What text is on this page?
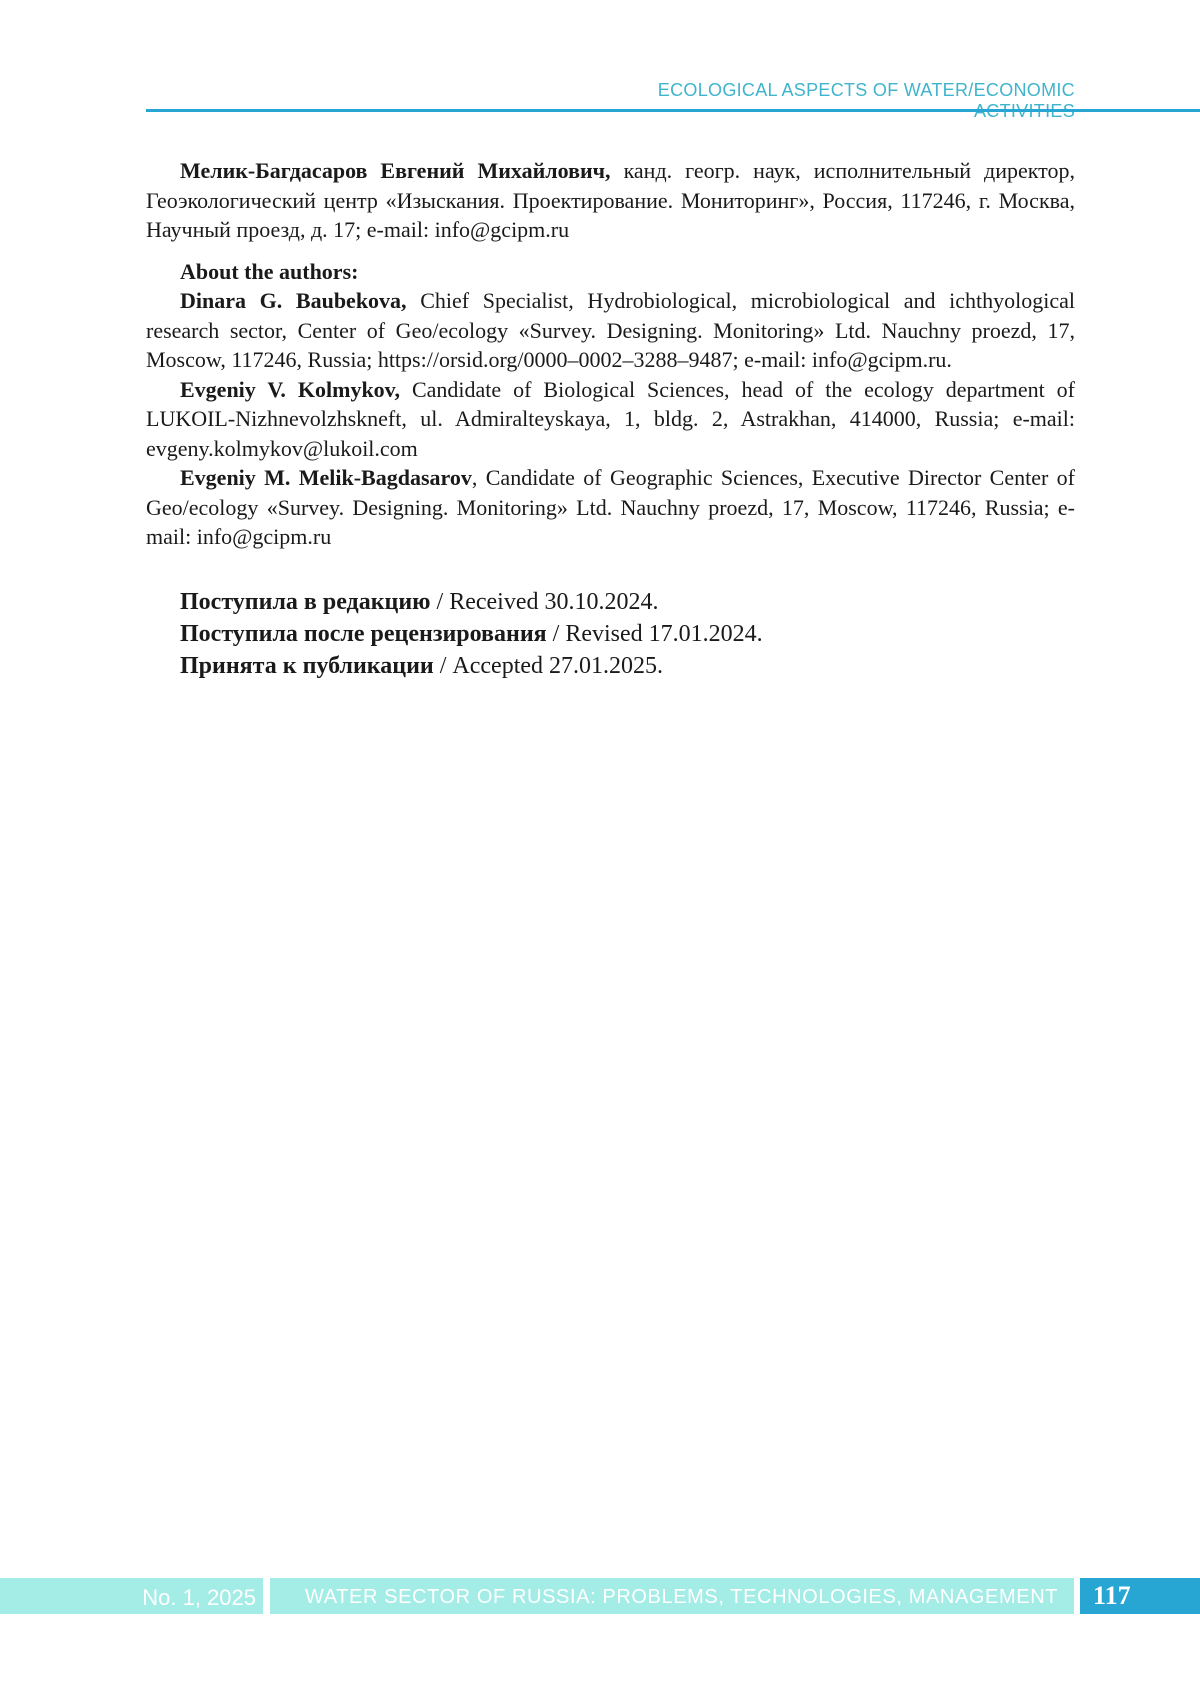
ECOLOGICAL ASPECTS OF WATER/ECONOMIC

Мелик-Багдасаров Евгений Михайлович, канд. геогр. наук, исполнительный директор, Геоэкологический центр «Изыскания. Проектирование. Мониторинг», Россия, 117246, г. Москва, Научный проезд, д. 17; e-mail: info@gcipm.ru

About the authors:

Dinara G. Baubekova, Chief Specialist, Hydrobiological, microbiological and ichthyological research sector, Center of Geo/ecology «Survey. Designing. Monitoring» Ltd. Nauchny proezd, 17, Moscow, 117246, Russia; https://orsid.org/0000–0002–3288–9487; e-mail: info@gcipm.ru.

Evgeniy V. Kolmykov, Candidate of Biological Sciences, head of the ecology department of LUKOIL-Nizhnevolzhskneft, ul. Admiralteyskaya, 1, bldg. 2, Astrakhan, 414000, Russia; e-mail: evgeny.kolmykov@lukoil.com

Evgeniy M. Melik-Bagdasarov, Candidate of Geographic Sciences, Executive Director Center of Geo/ecology «Survey. Designing. Monitoring» Ltd. Nauchny proezd, 17, Moscow, 117246, Russia; e-mail: info@gcipm.ru

Поступила в редакцию / Received 30.10.2024.

Поступила после рецензирования / Revised 17.01.2024.

Принята к публикации / Accepted 27.01.2025.

No. 1, 2025 WATER SECTOR OF RUSSIA: PROBLEMS, TECHNOLOGIES, MANAGEMENT 117
